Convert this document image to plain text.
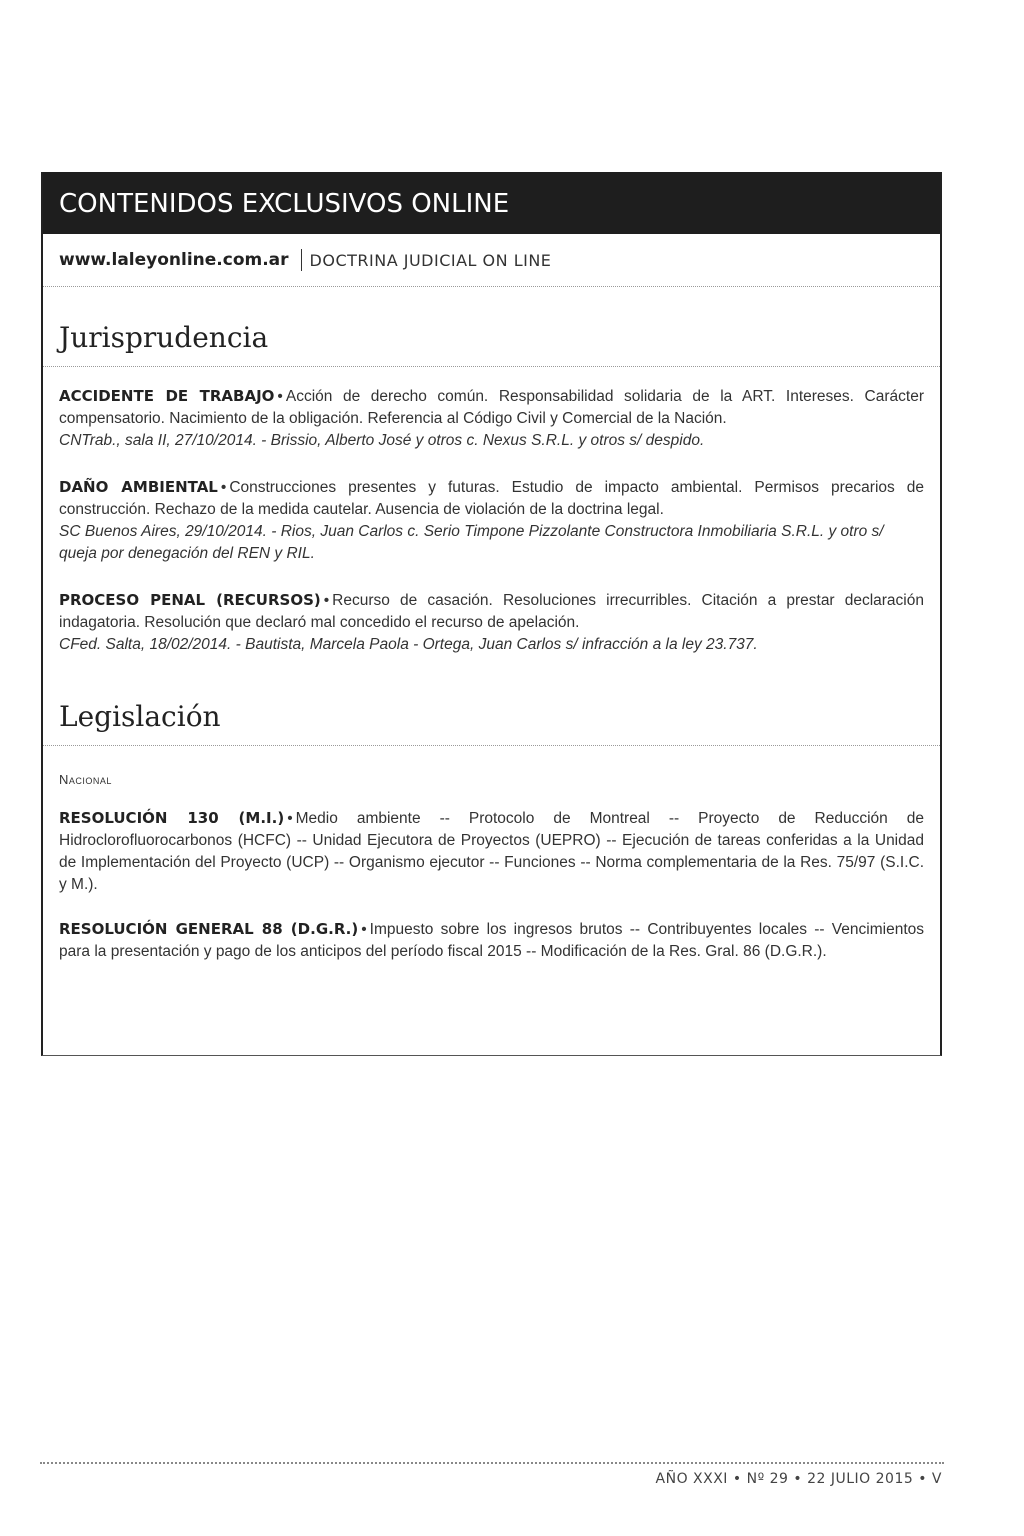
CONTENIDOS EXCLUSIVOS ONLINE
www.laleyonline.com.ar DOCTRINA JUDICIAL ON LINE
Jurisprudencia
ACCIDENTE DE TRABAJO • Acción de derecho común. Responsabilidad solidaria de la ART. Intereses. Carácter compensatorio. Nacimiento de la obligación. Referencia al Código Civil y Comercial de la Nación.
CNTrab., sala II, 27/10/2014. - Brissio, Alberto José y otros c. Nexus S.R.L. y otros s/ despido.
DAÑO AMBIENTAL • Construcciones presentes y futuras. Estudio de impacto ambiental. Permisos precarios de construcción. Rechazo de la medida cautelar. Ausencia de violación de la doctrina legal.
SC Buenos Aires, 29/10/2014. - Rios, Juan Carlos c. Serio Timpone Pizzolante Constructora Inmobiliaria S.R.L. y otro s/ queja por denegación del REN y RIL.
PROCESO PENAL (RECURSOS) • Recurso de casación. Resoluciones irrecurribles. Citación a prestar declaración indagatoria. Resolución que declaró mal concedido el recurso de apelación.
CFed. Salta, 18/02/2014. - Bautista, Marcela Paola - Ortega, Juan Carlos s/ infracción a la ley 23.737.
Legislación
Nacional
RESOLUCIÓN 130 (M.I.) • Medio ambiente -- Protocolo de Montreal -- Proyecto de Reducción de Hidroclorofluorocarbonos (HCFC) -- Unidad Ejecutora de Proyectos (UEPRO) -- Ejecución de tareas conferidas a la Unidad de Implementación del Proyecto (UCP) -- Organismo ejecutor -- Funciones -- Norma complementaria de la Res. 75/97 (S.I.C. y M.).
RESOLUCIÓN GENERAL 88 (D.G.R.) • Impuesto sobre los ingresos brutos -- Contribuyentes locales -- Vencimientos para la presentación y pago de los anticipos del período fiscal 2015 -- Modificación de la Res. Gral. 86 (D.G.R.).
AÑO XXXI • Nº 29 • 22 JULIO 2015 • V
